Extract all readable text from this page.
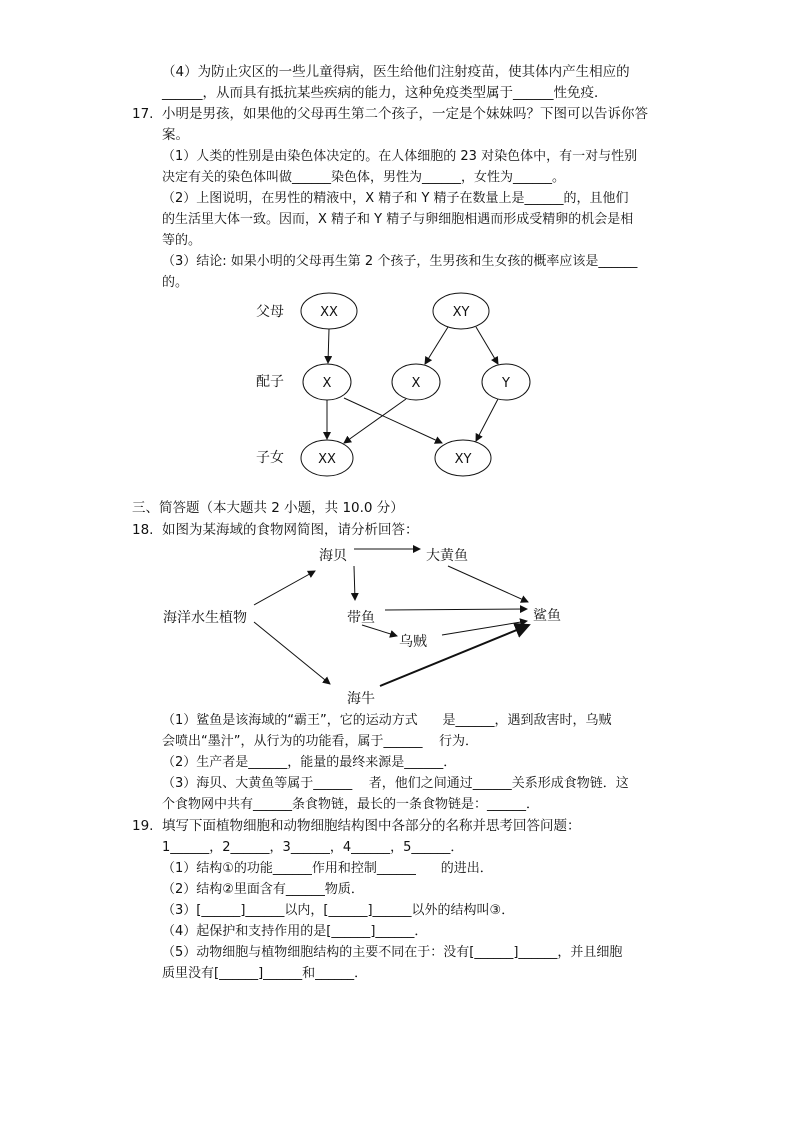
（4）为防止灾区的一些儿童得病，医生给他们注射疫苗，使其体内产生相应的
______，从而具有抵抗某些疾病的能力，这种免疫类型属于______性免疫．
17. 小明是男孩，如果他的父母再生第二个孩子，一定是个妹妹吗？下图可以告诉你答
案。
（1）人类的性别是由染色体决定的。在人体细胞的 23 对染色体中，有一对与性别
决定有关的染色体叫做______染色体，男性为______，女性为______。
（2）上图说明，在男性的精液中，X 精子和 Y 精子在数量上是______的，且他们
的生活里大体一致。因而，X 精子和 Y 精子与卵细胞相遇而形成受精卵的机会是相
等的。
（3）结论: 如果小明的父母再生第 2 个孩子，生男孩和生女孩的概率应该是______
的。
父母
配子
子女
XX	XY
X	X	Y
XX	XY
三、简答题（本大题共 2 小题，共 10.0 分）
18. 如图为某海域的食物网简图，请分析回答：
海贝	大黄鱼
海洋水生植物	带鱼	鲨鱼
乌贼
海牛
（1）鲨鱼是该海域的“霸王”，它的运动方式      是______，遇到敌害时，乌贼
会喷出“墨汁”，从行为的功能看，属于______    行为．
（2）生产者是______，能量的最终来源是______．
（3）海贝、大黄鱼等属于______    者，他们之间通过______关系形成食物链．这
个食物网中共有______条食物链，最长的一条食物链是：______．
19. 填写下面植物细胞和动物细胞结构图中各部分的名称并思考回答问题：
1______，2______，3______，4______，5______．
（1）结构①的功能______作用和控制______      的进出．
（2）结构②里面含有______物质．
（3）[______]______以内，[______]______以外的结构叫③．
（4）起保护和支持作用的是[______]______．
（5）动物细胞与植物细胞结构的主要不同在于：没有[______]______，并且细胞
质里没有[______]______和______．
